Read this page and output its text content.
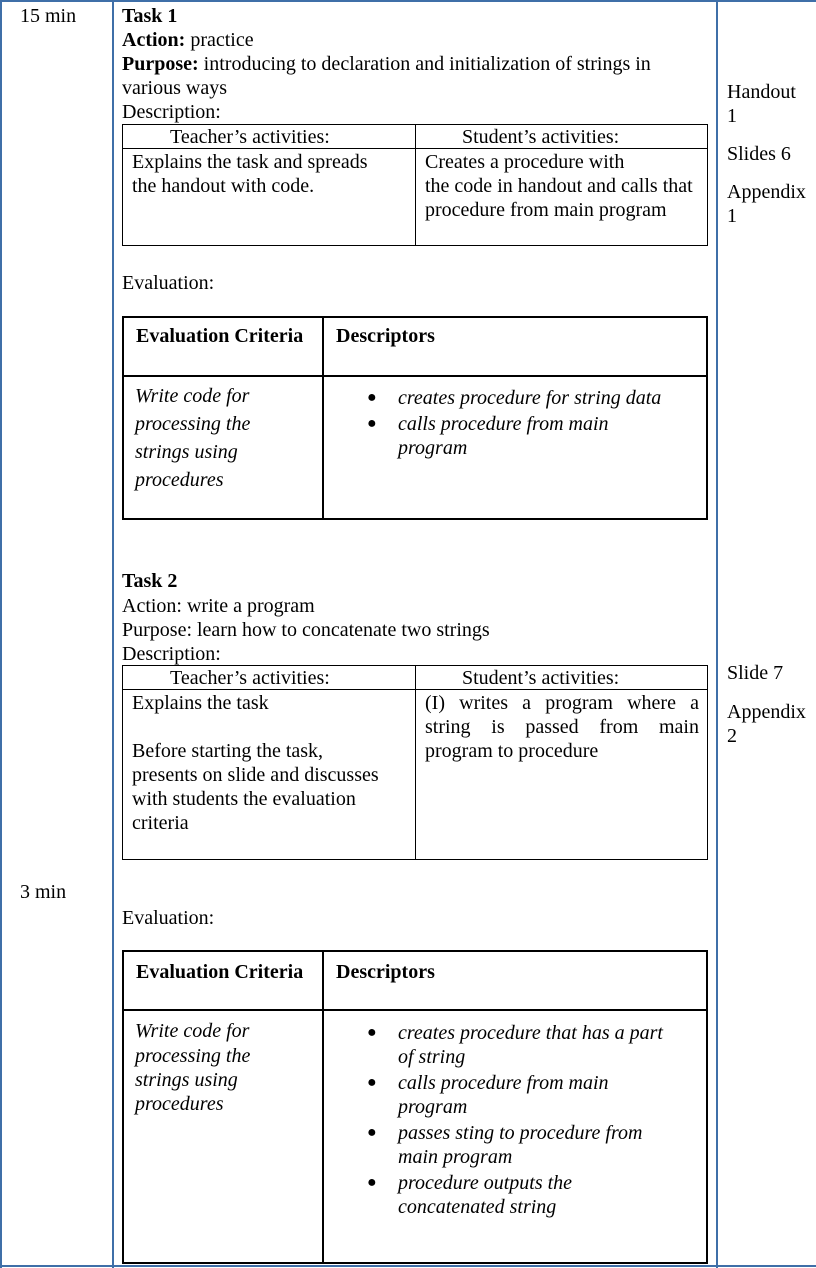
15 min
3 min
Handout
1
Slides 6
Appendix
1
Slide 7
Appendix
2
Task 1
Action: practice
Purpose: introducing to declaration and initialization of strings in
various ways
Description:
Teacher’s activities:	Student’s activities:
Explains the task and spreads
the handout with code.
Creates a procedure with
the code in handout and calls that
procedure from main program
Evaluation:
Evaluation Criteria Descriptors
Write code for
processing the
strings using
procedures
● creates procedure for string data
● calls procedure from main
program
Task 2
Action: write a program
Purpose: learn how to concatenate two strings
Description:
Teacher’s activities:	Student’s activities:
Explains the task
Before starting the task,
presents on slide and discusses
with students the evaluation
criteria
(I) writes a program where a
string is passed from main
program to procedure
Evaluation:
Evaluation Criteria Descriptors
Write code for
processing the
strings using
procedures
● creates procedure that has a part
of string
● calls procedure from main
program
● passes sting to procedure from
main program
● procedure outputs the
concatenated string
